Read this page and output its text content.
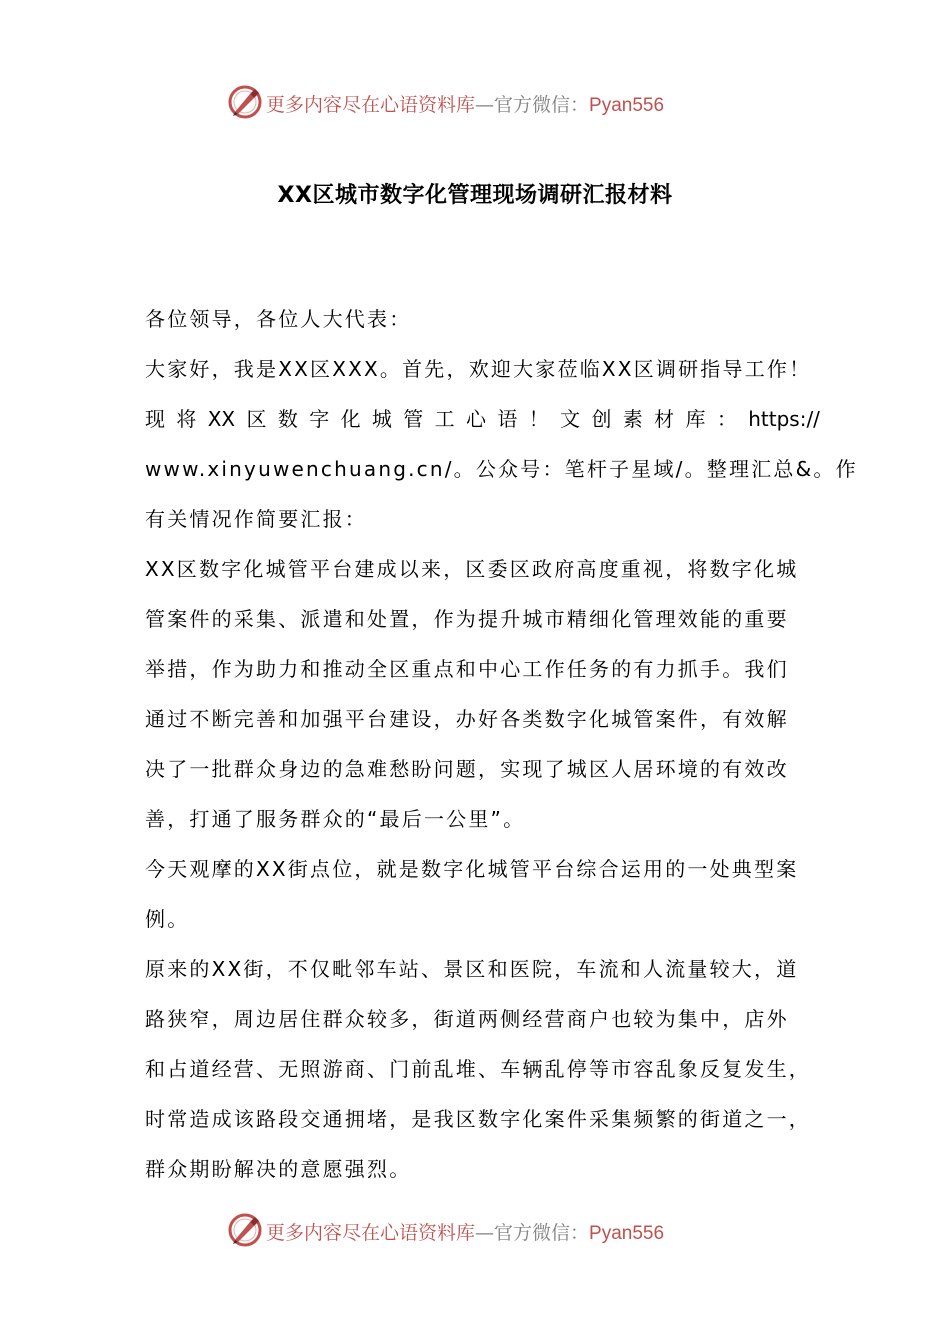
更多内容尽在心语资料库—官方微信：Pyan556
XX区城市数字化管理现场调研汇报材料
各位领导，各位人大代表：
大家好，我是XX区XXX。首先，欢迎大家莅临XX区调研指导工作！
现 将 XX 区 数 字 化 城 管 工 心 语 ！ 文 创 素 材 库 ： https://
www.xinyuwenchuang.cn/。公众号：笔杆子星域/。整理汇总&。作
有关情况作简要汇报：
XX区数字化城管平台建成以来，区委区政府高度重视，将数字化城
管案件的采集、派遣和处置，作为提升城市精细化管理效能的重要
举措，作为助力和推动全区重点和中心工作任务的有力抓手。我们
通过不断完善和加强平台建设，办好各类数字化城管案件，有效解
决了一批群众身边的急难愁盼问题，实现了城区人居环境的有效改
善，打通了服务群众的“最后一公里”。
今天观摩的XX街点位，就是数字化城管平台综合运用的一处典型案
例。
原来的XX街，不仅毗邻车站、景区和医院，车流和人流量较大，道
路狭窄，周边居住群众较多，街道两侧经营商户也较为集中，店外
和占道经营、无照游商、门前乱堆、车辆乱停等市容乱象反复发生，
时常造成该路段交通拥堵，是我区数字化案件采集频繁的街道之一，
群众期盼解决的意愿强烈。
更多内容尽在心语资料库—官方微信：Pyan556
